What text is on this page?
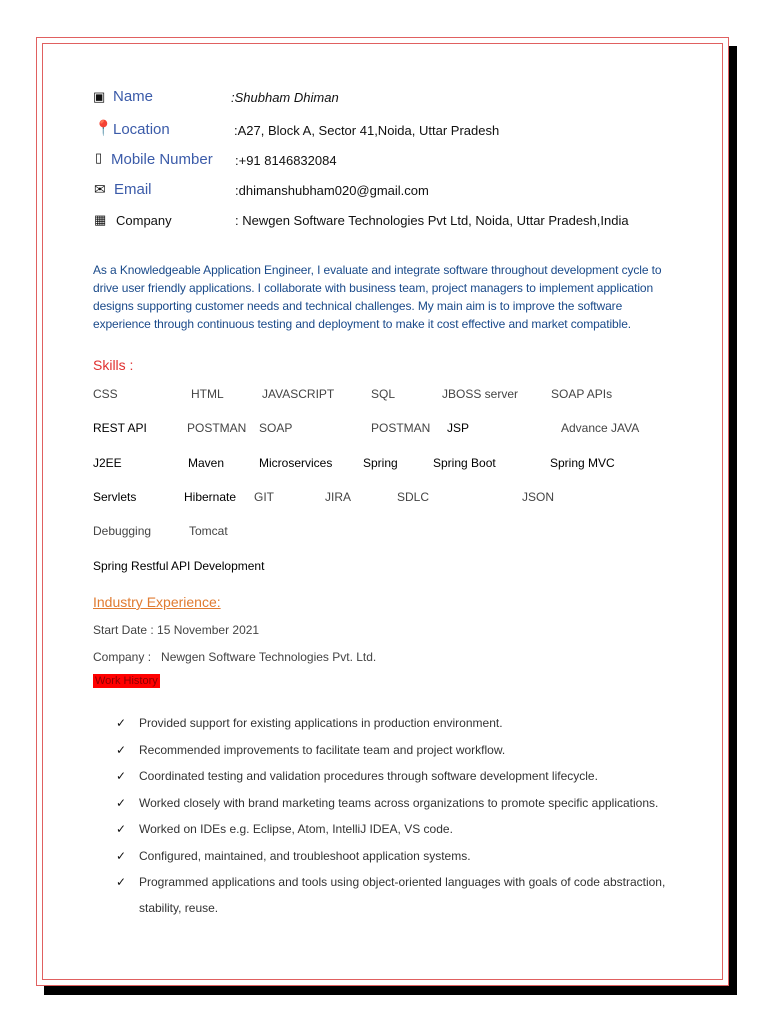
▣ Name	:Shubham Dhiman
📍 Location	:A27, Block A, Sector 41,Noida, Uttar Pradesh
▯ Mobile Number :+91 8146832084
✉ Email	:dhimanshubham020@gmail.com
▦ Company	: Newgen Software Technologies Pvt Ltd, Noida, Uttar Pradesh,India
As a Knowledgeable Application Engineer, I evaluate and integrate software throughout development cycle to drive user friendly applications. I collaborate with business team, project managers to implement application designs supporting customer needs and technical challenges. My main aim is to improve the software experience through continuous testing and deployment to make it cost effective and market compatible.
Skills :
CSS	HTML	JAVASCRIPT	SQL	JBOSS server	SOAP APIs
REST API	POSTMAN SOAP	POSTMAN JSP	Advance JAVA
J2EE	Maven	Microservices	Spring	Spring Boot	Spring MVC
Servlets	Hibernate GIT	JIRA	SDLC	JSON
Debugging	Tomcat
Spring Restful API Development
Industry Experience:
Start Date : 15 November 2021
Company :   Newgen Software Technologies Pvt. Ltd.
Work History
✓ Provided support for existing applications in production environment.
✓ Recommended improvements to facilitate team and project workflow.
✓ Coordinated testing and validation procedures through software development lifecycle.
✓ Worked closely with brand marketing teams across organizations to promote specific applications.
✓ Worked on IDEs e.g. Eclipse, Atom, IntelliJ IDEA, VS code.
✓ Configured, maintained, and troubleshoot application systems.
✓ Programmed applications and tools using object-oriented languages with goals of code abstraction,
stability, reuse.
